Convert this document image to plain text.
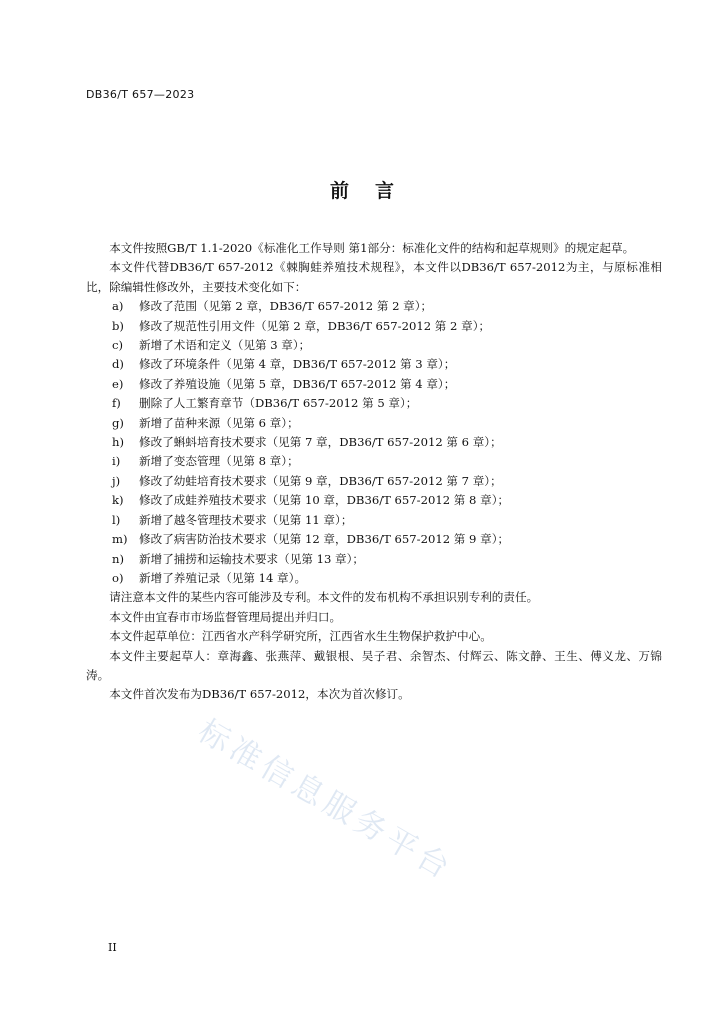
DB36/T 657—2023
前言

本文件按照GB/T 1.1-2020《标准化工作导则 第1部分：标准化文件的结构和起草规则》的规定起草。

本文件代替DB36/T 657-2012《棘胸蛙养殖技术规程》，本文件以DB36/T 657-2012为主，与原标准相比，除编辑性修改外，主要技术变化如下：

a)	修改了范围（见第 2 章，DB36/T 657-2012 第 2 章）；
b)	修改了规范性引用文件（见第 2 章，DB36/T 657-2012 第 2 章）；
c)	新增了术语和定义（见第 3 章）；
d)	修改了环境条件（见第 4 章，DB36/T 657-2012 第 3 章）；
e)	修改了养殖设施（见第 5 章，DB36/T 657-2012 第 4 章）；
f)	删除了人工繁育章节（DB36/T 657-2012 第 5 章）；
g)	新增了苗种来源（见第 6 章）；
h)	修改了蝌蚪培育技术要求（见第 7 章，DB36/T 657-2012 第 6 章）；
i)	新增了变态管理（见第 8 章）；
j)	修改了幼蛙培育技术要求（见第 9 章，DB36/T 657-2012 第 7 章）；
k)	修改了成蛙养殖技术要求（见第 10 章，DB36/T 657-2012 第 8 章）；
l)	新增了越冬管理技术要求（见第 11 章）；
m) 修改了病害防治技术要求（见第 12 章，DB36/T 657-2012 第 9 章）；
n)	新增了捕捞和运输技术要求（见第 13 章）；
o)	新增了养殖记录（见第 14 章）。

请注意本文件的某些内容可能涉及专利。本文件的发布机构不承担识别专利的责任。

本文件由宜春市市场监督管理局提出并归口。

本文件起草单位：江西省水产科学研究所，江西省水生生物保护救护中心。

本文件主要起草人：章海鑫、张燕萍、戴银根、吴子君、余智杰、付辉云、陈文静、王生、傅义龙、万锦涛。

本文件首次发布为DB36/T 657-2012，本次为首次修订。

标准信息服务平台
II
